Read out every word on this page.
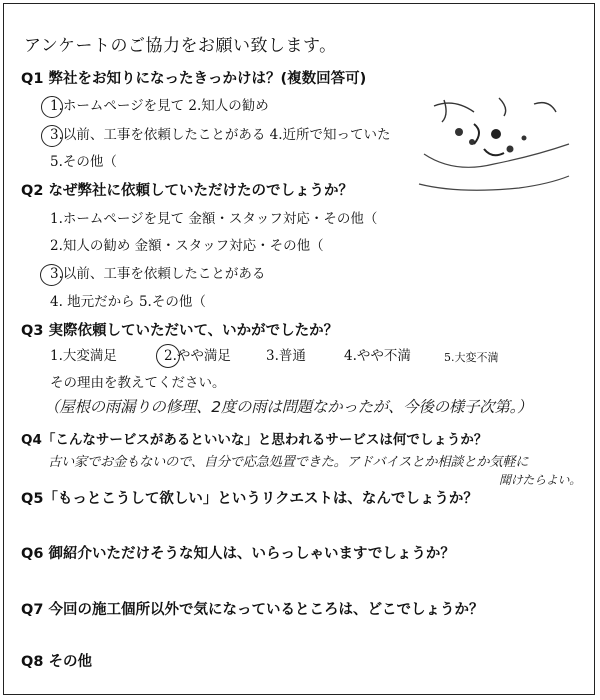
アンケートのご協力をお願い致します。
Q1 弊社をお知りになったきっかけは？(複数回答可)
1.ホームページを見て 2.知人の勧め
3.以前、工事を依頼したことがある 4.近所で知っていた
5.その他（
Q2 なぜ弊社に依頼していただけたのでしょうか？
1.ホームページを見て 金額・スタッフ対応・その他（
2.知人の勧め 金額・スタッフ対応・その他（
3.以前、工事を依頼したことがある
4. 地元だから 5.その他（
Q3 実際依頼していただいて、いかがでしたか？
1.大変満足	2.やや満足	3.普通	4.やや不満	5.大変不満
その理由を教えてください。
（屋根の雨漏りの修理、2度の雨は問題なかったが、今後の様子次第。）
Q4「こんなサービスがあるといいな」と思われるサービスは何でしょうか？
古い家でお金もないので、自分で応急処置できた。アドバイスとか相談とか気軽に
聞けたらよい。
Q5「もっとこうして欲しい」というリクエストは、なんでしょうか？
Q6 御紹介いただけそうな知人は、いらっしゃいますでしょうか？
Q7 今回の施工個所以外で気になっているところは、どこでしょうか？
Q8 その他
